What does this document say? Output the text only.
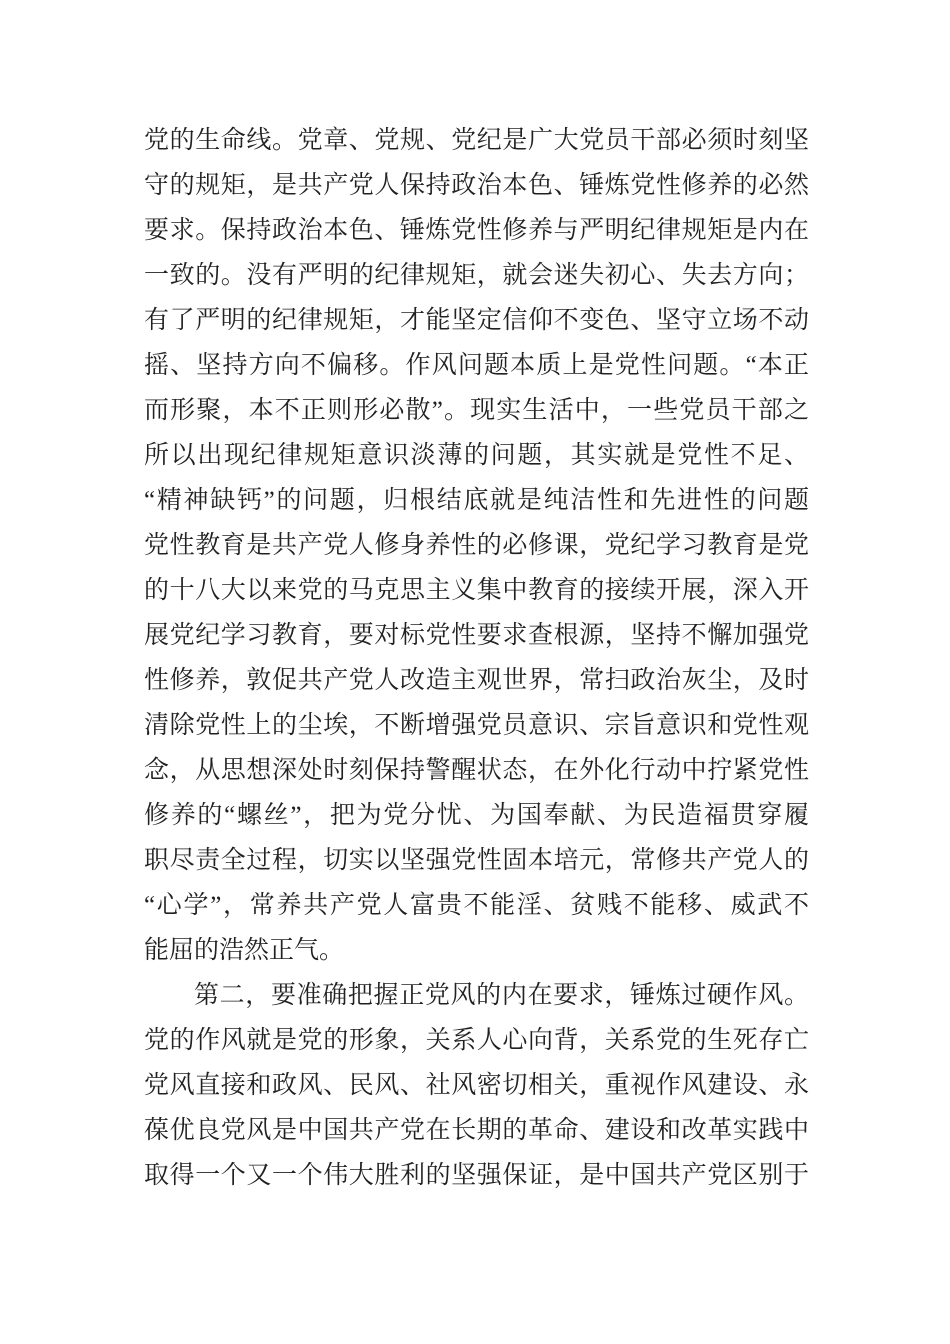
党的生命线。党章、党规、党纪是广大党员干部必须时刻坚
守的规矩，是共产党人保持政治本色、锤炼党性修养的必然
要求。保持政治本色、锤炼党性修养与严明纪律规矩是内在
一致的。没有严明的纪律规矩，就会迷失初心、失去方向；
有了严明的纪律规矩，才能坚定信仰不变色、坚守立场不动
摇、坚持方向不偏移。作风问题本质上是党性问题。“本正
而形聚，本不正则形必散”。现实生活中，一些党员干部之
所以出现纪律规矩意识淡薄的问题，其实就是党性不足、
“精神缺钙”的问题，归根结底就是纯洁性和先进性的问题
党性教育是共产党人修身养性的必修课，党纪学习教育是党
的十八大以来党的马克思主义集中教育的接续开展，深入开
展党纪学习教育，要对标党性要求查根源，坚持不懈加强党
性修养，敦促共产党人改造主观世界，常扫政治灰尘，及时
清除党性上的尘埃，不断增强党员意识、宗旨意识和党性观
念，从思想深处时刻保持警醒状态，在外化行动中拧紧党性
修养的“螺丝”，把为党分忧、为国奉献、为民造福贯穿履
职尽责全过程，切实以坚强党性固本培元，常修共产党人的
“心学”，常养共产党人富贵不能淫、贫贱不能移、威武不
能屈的浩然正气。
第二，要准确把握正党风的内在要求，锤炼过硬作风。
党的作风就是党的形象，关系人心向背，关系党的生死存亡
党风直接和政风、民风、社风密切相关，重视作风建设、永
葆优良党风是中国共产党在长期的革命、建设和改革实践中
取得一个又一个伟大胜利的坚强保证，是中国共产党区别于
